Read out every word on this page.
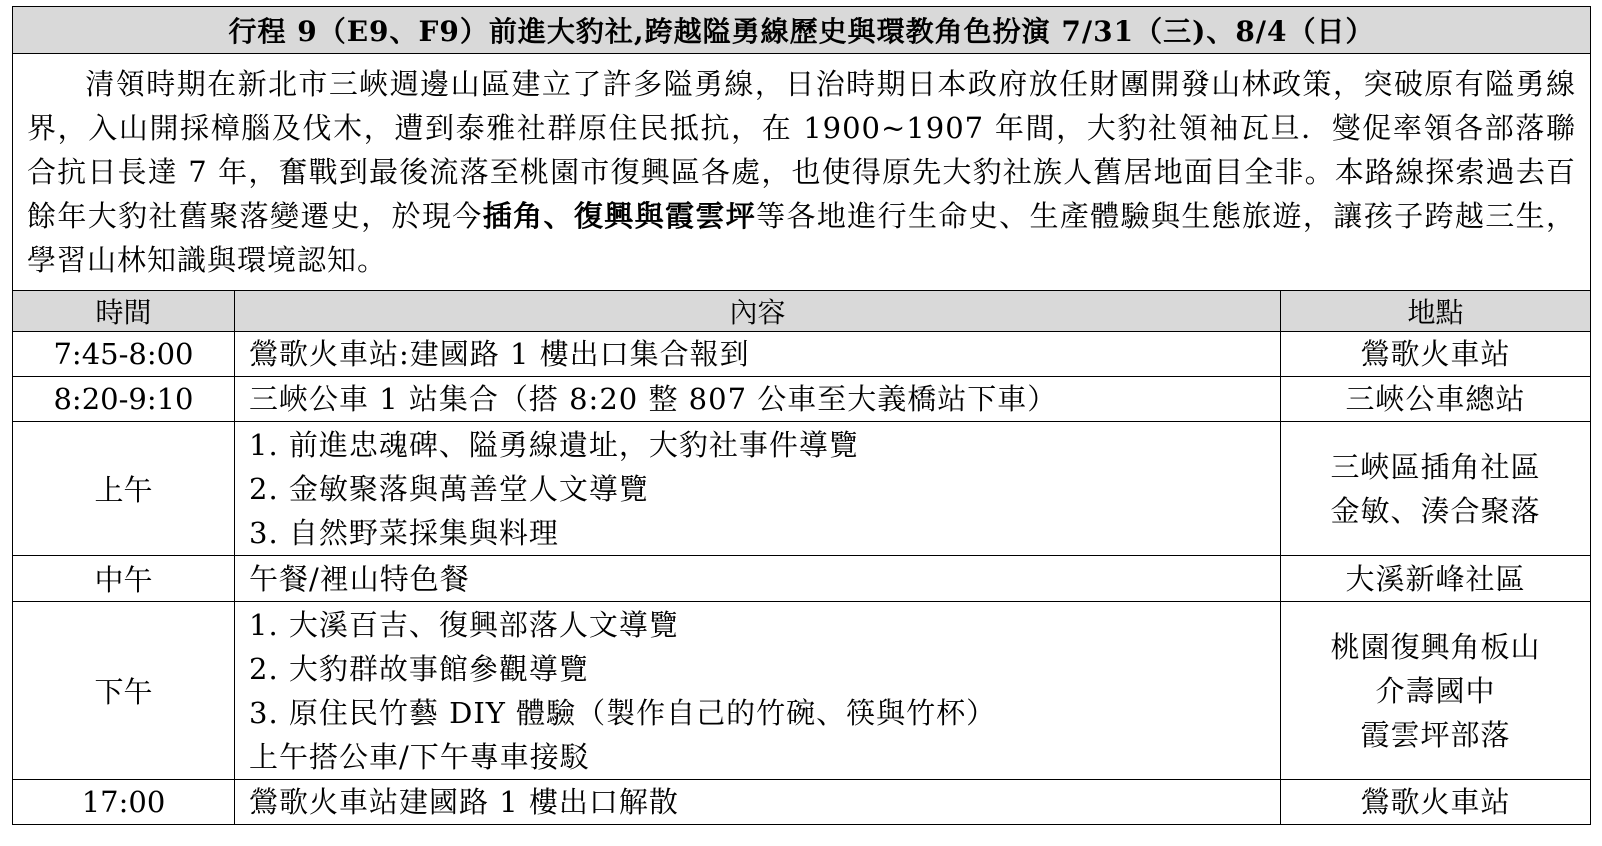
行程 9（E9、F9）前進大豹社,跨越隘勇線歷史與環教角色扮演 7/31（三)、8/4（日）		
清領時期在新北市三峽週邊山區建立了許多隘勇線，日治時期日本政府放任財團開發山林政策，突破原有隘勇線界，入山開採樟腦及伐木，遭到泰雅社群原住民抵抗，在 1900~1907 年間，大豹社領袖瓦旦．燮促率領各部落聯合抗日長達 7 年，奮戰到最後流落至桃園市復興區各處，也使得原先大豹社族人舊居地面目全非。本路線探索過去百餘年大豹社舊聚落變遷史，於現今插角、復興與霞雲坪等各地進行生命史、生產體驗與生態旅遊，讓孩子跨越三生，學習山林知識與環境認知。		
時間	內容	地點
7:45-8:00	鶯歌火車站:建國路 1 樓出口集合報到	鶯歌火車站

8:20-9:10	三峽公車 1 站集合（搭 8:20 整 807 公車至大義橋站下車）	三峽公車總站

上午	1. 前進忠魂碑、隘勇線遺址，大豹社事件導覽
2. 金敏聚落與萬善堂人文導覽
3. 自然野菜採集與料理	三峽區插角社區
金敏、湊合聚落

中午	午餐/裡山特色餐	大溪新峰社區

下午	1. 大溪百吉、復興部落人文導覽
2. 大豹群故事館參觀導覽
3. 原住民竹藝 DIY 體驗（製作自己的竹碗、筷與竹杯）
上午搭公車/下午專車接駁	桃園復興角板山
介壽國中
霞雲坪部落

17:00	鶯歌火車站建國路 1 樓出口解散	鶯歌火車站
